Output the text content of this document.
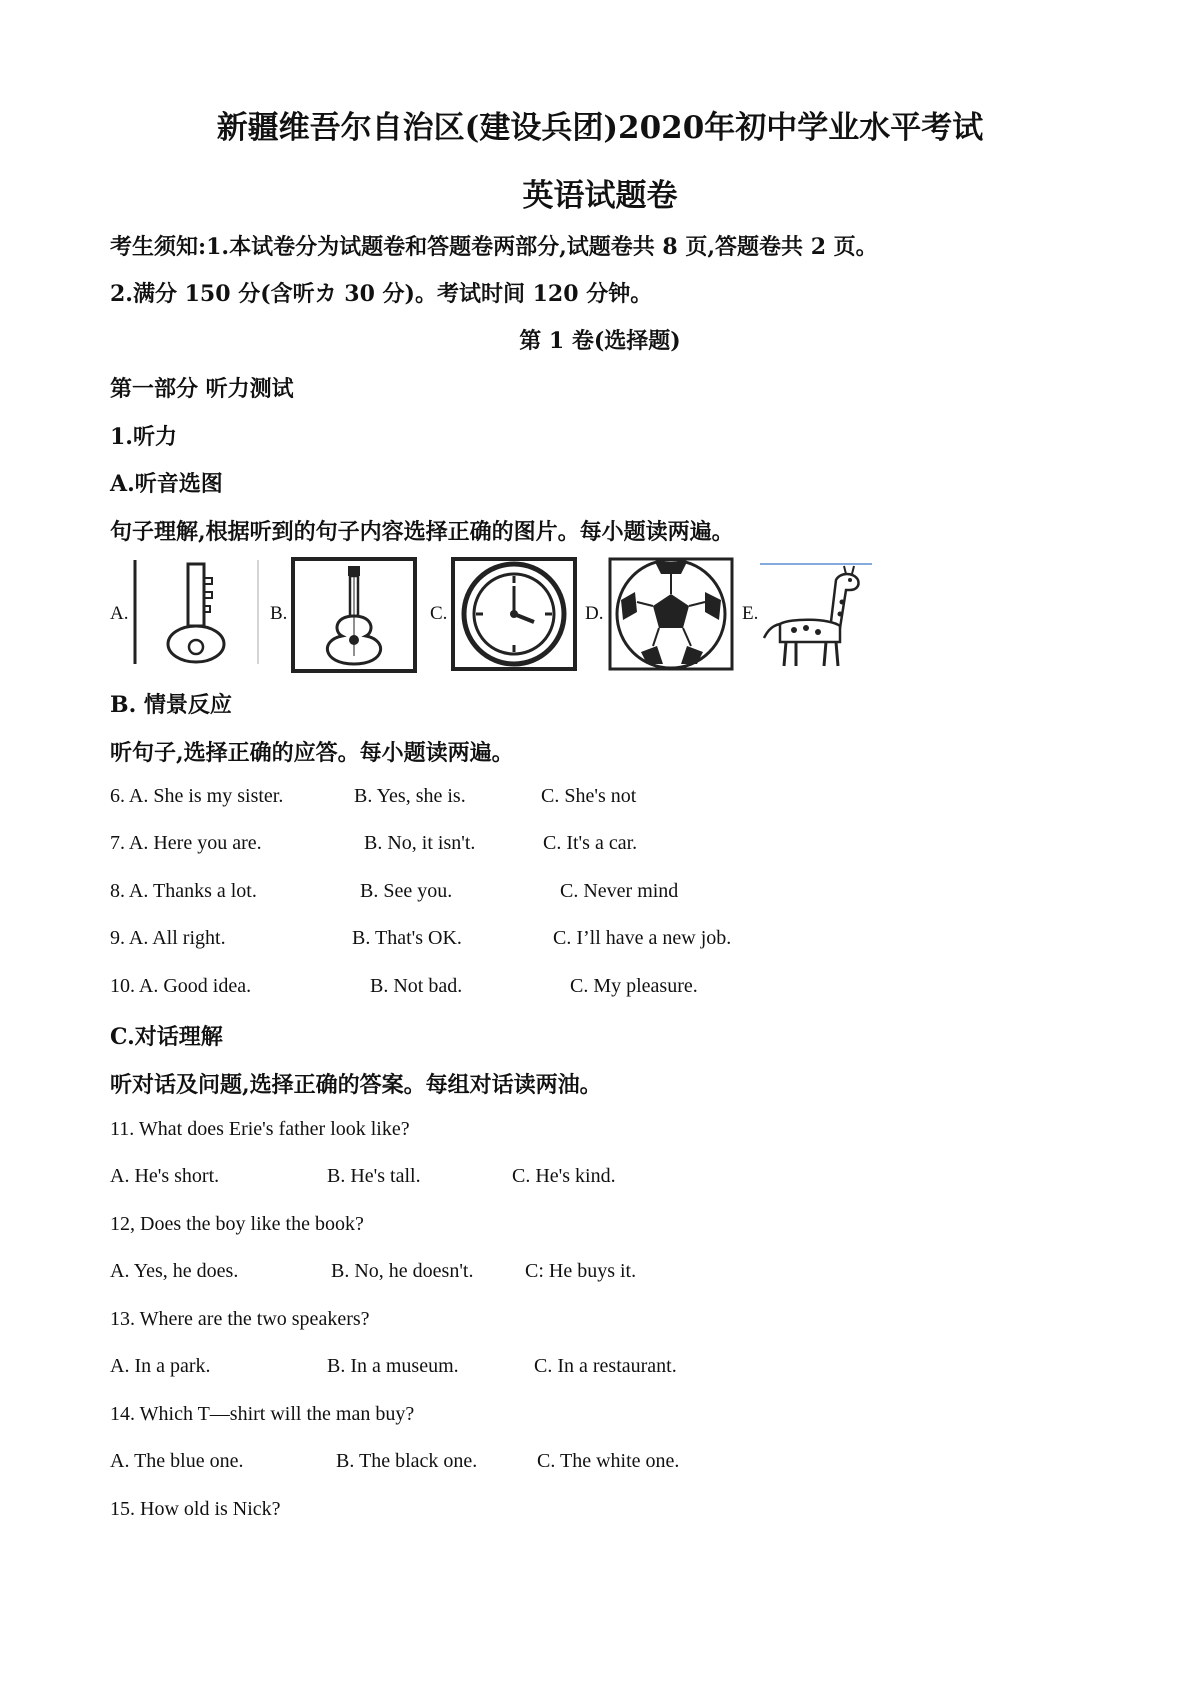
新疆维吾尔自治区(建设兵团)2020年初中学业水平考试
英语试题卷
考生须知:1.本试卷分为试题卷和答题卷两部分,试题卷共 8 页,答题卷共 2 页。
2.满分 150 分(含听カ 30 分)。考试时间 120 分钟。
第 1 卷(选择题)
第一部分 听力测试
1.听力
A.听音选图
句子理解,根据听到的句子内容选择正确的图片。每小题读两遍。
A.	B.	C.	D.	E.
B. 情景反应
听句子,选择正确的应答。每小题读两遍。
6. A. She is my sister.	B. Yes, she is.	C. She's not
7. A. Here you are.	B. No, it isn't.	C. It's a car.
8. A. Thanks a lot.	B. See you.	C. Never mind
9. A. All right.	B. That's OK.	C. I’ll have a new job.
10. A. Good idea.	B. Not bad.	C. My pleasure.
C.对话理解
听对话及问题,选择正确的答案。每组对话读两油。
11. What does Erie's father look like?
A. He's short.	B. He's tall.	C. He's kind.
12, Does the boy like the book?
A. Yes, he does.	B. No, he doesn't.	C: He buys it.
13. Where are the two speakers?
A. In a park.	B. In a museum.	C. In a restaurant.
14. Which T—shirt will the man buy?
A. The blue one.	B. The black one.	C. The white one.
15. How old is Nick?
